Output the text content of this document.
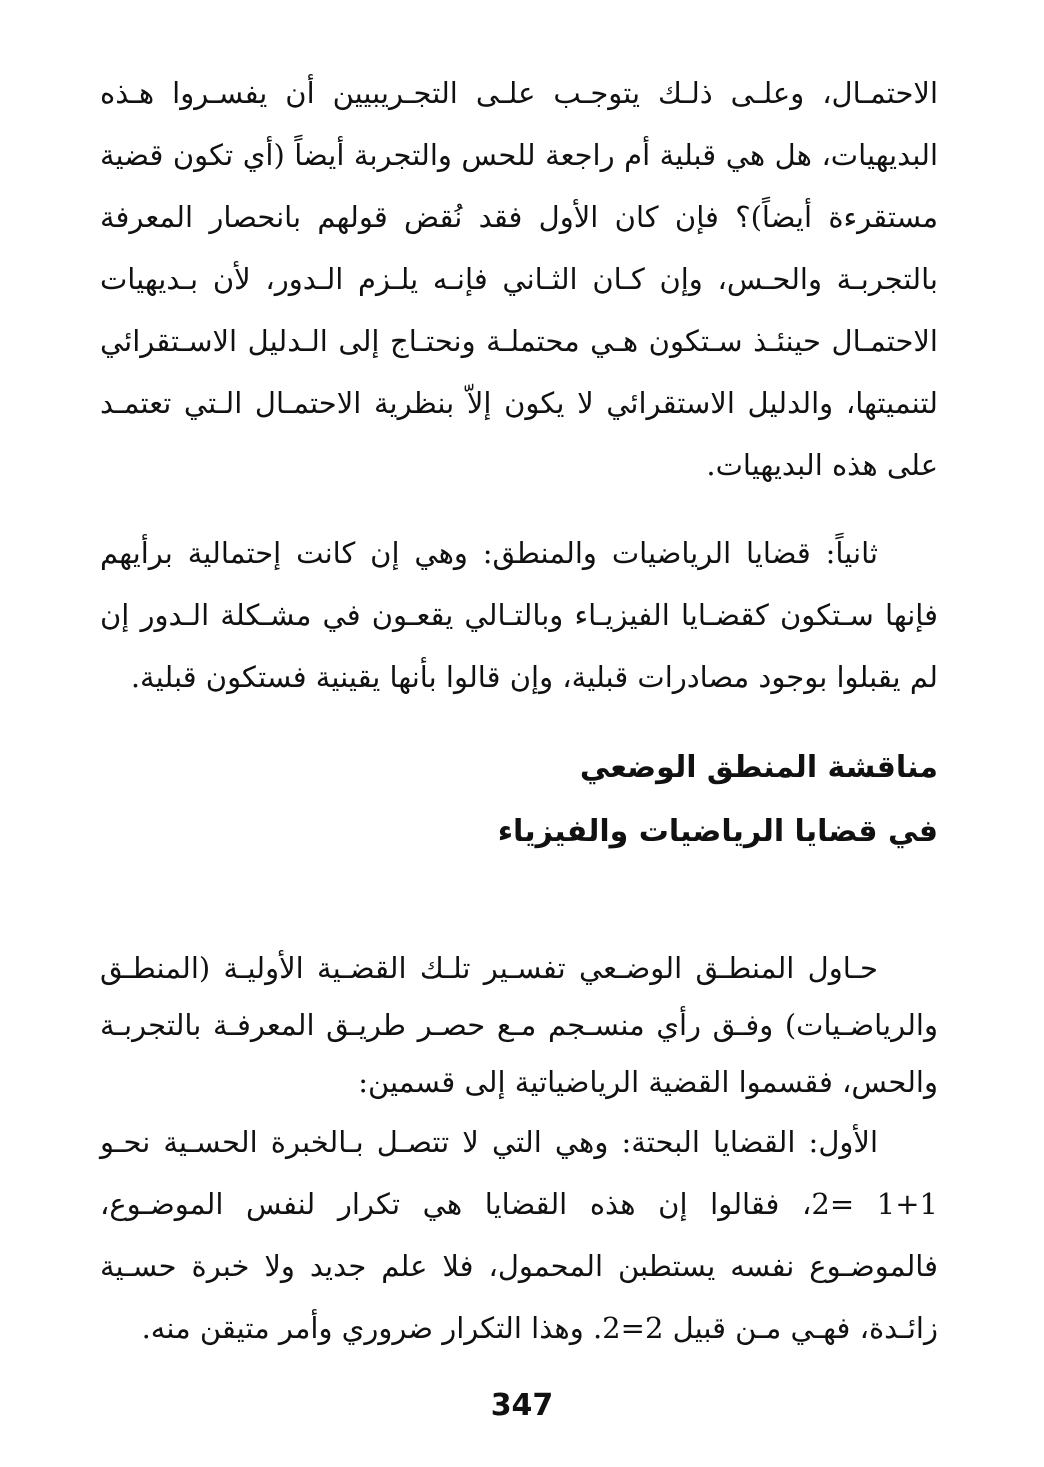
الاحتمـال، وعلـى ذلـك يتوجـب علـى التجـريبيين أن يفسـروا هـذه البديهيات، هل هي قبلية أم راجعة للحس والتجربة أيضاً (أي تكون قضية مستقرءة أيضاً)؟ فإن كان الأول فقد نُقض قولهم بانحصار المعرفة بالتجربـة والحـس، وإن كـان الثـاني فإنـه يلـزم الـدور، لأن بـديهيات الاحتمـال حينئـذ سـتكون هـي محتملـة ونحتـاج إلى الـدليل الاسـتقرائي لتنميتها، والدليل الاستقرائي لا يكون إلاّ بنظرية الاحتمـال الـتي تعتمـد على هذه البديهيات.

ثانياً: قضايا الرياضيات والمنطق: وهي إن كانت إحتمالية برأيهم فإنها سـتكون كقضـايا الفيزيـاء وبالتـالي يقعـون في مشـكلة الـدور إن لم يقبلوا بوجود مصادرات قبلية، وإن قالوا بأنها يقينية فستكون قبلية.

مناقشة المنطق الوضعي
في قضايا الرياضيات والفيزياء

حـاول المنطـق الوضـعي تفسـير تلـك القضـية الأوليـة (المنطـق والرياضـيات) وفـق رأي منسـجم مـع حصـر طريـق المعرفـة بالتجربـة والحس، فقسموا القضية الرياضياتية إلى قسمين:

الأول: القضايا البحتة: وهي التي لا تتصـل بـالخبرة الحسـية نحـو 1+1 =2، فقالوا إن هذه القضايا هي تكرار لنفس الموضـوع، فالموضـوع نفسه يستطبن المحمول، فلا علم جديد ولا خبرة حسـية زائـدة، فهـي مـن قبيل 2=2. وهذا التكرار ضروري وأمر متيقن منه.

347
